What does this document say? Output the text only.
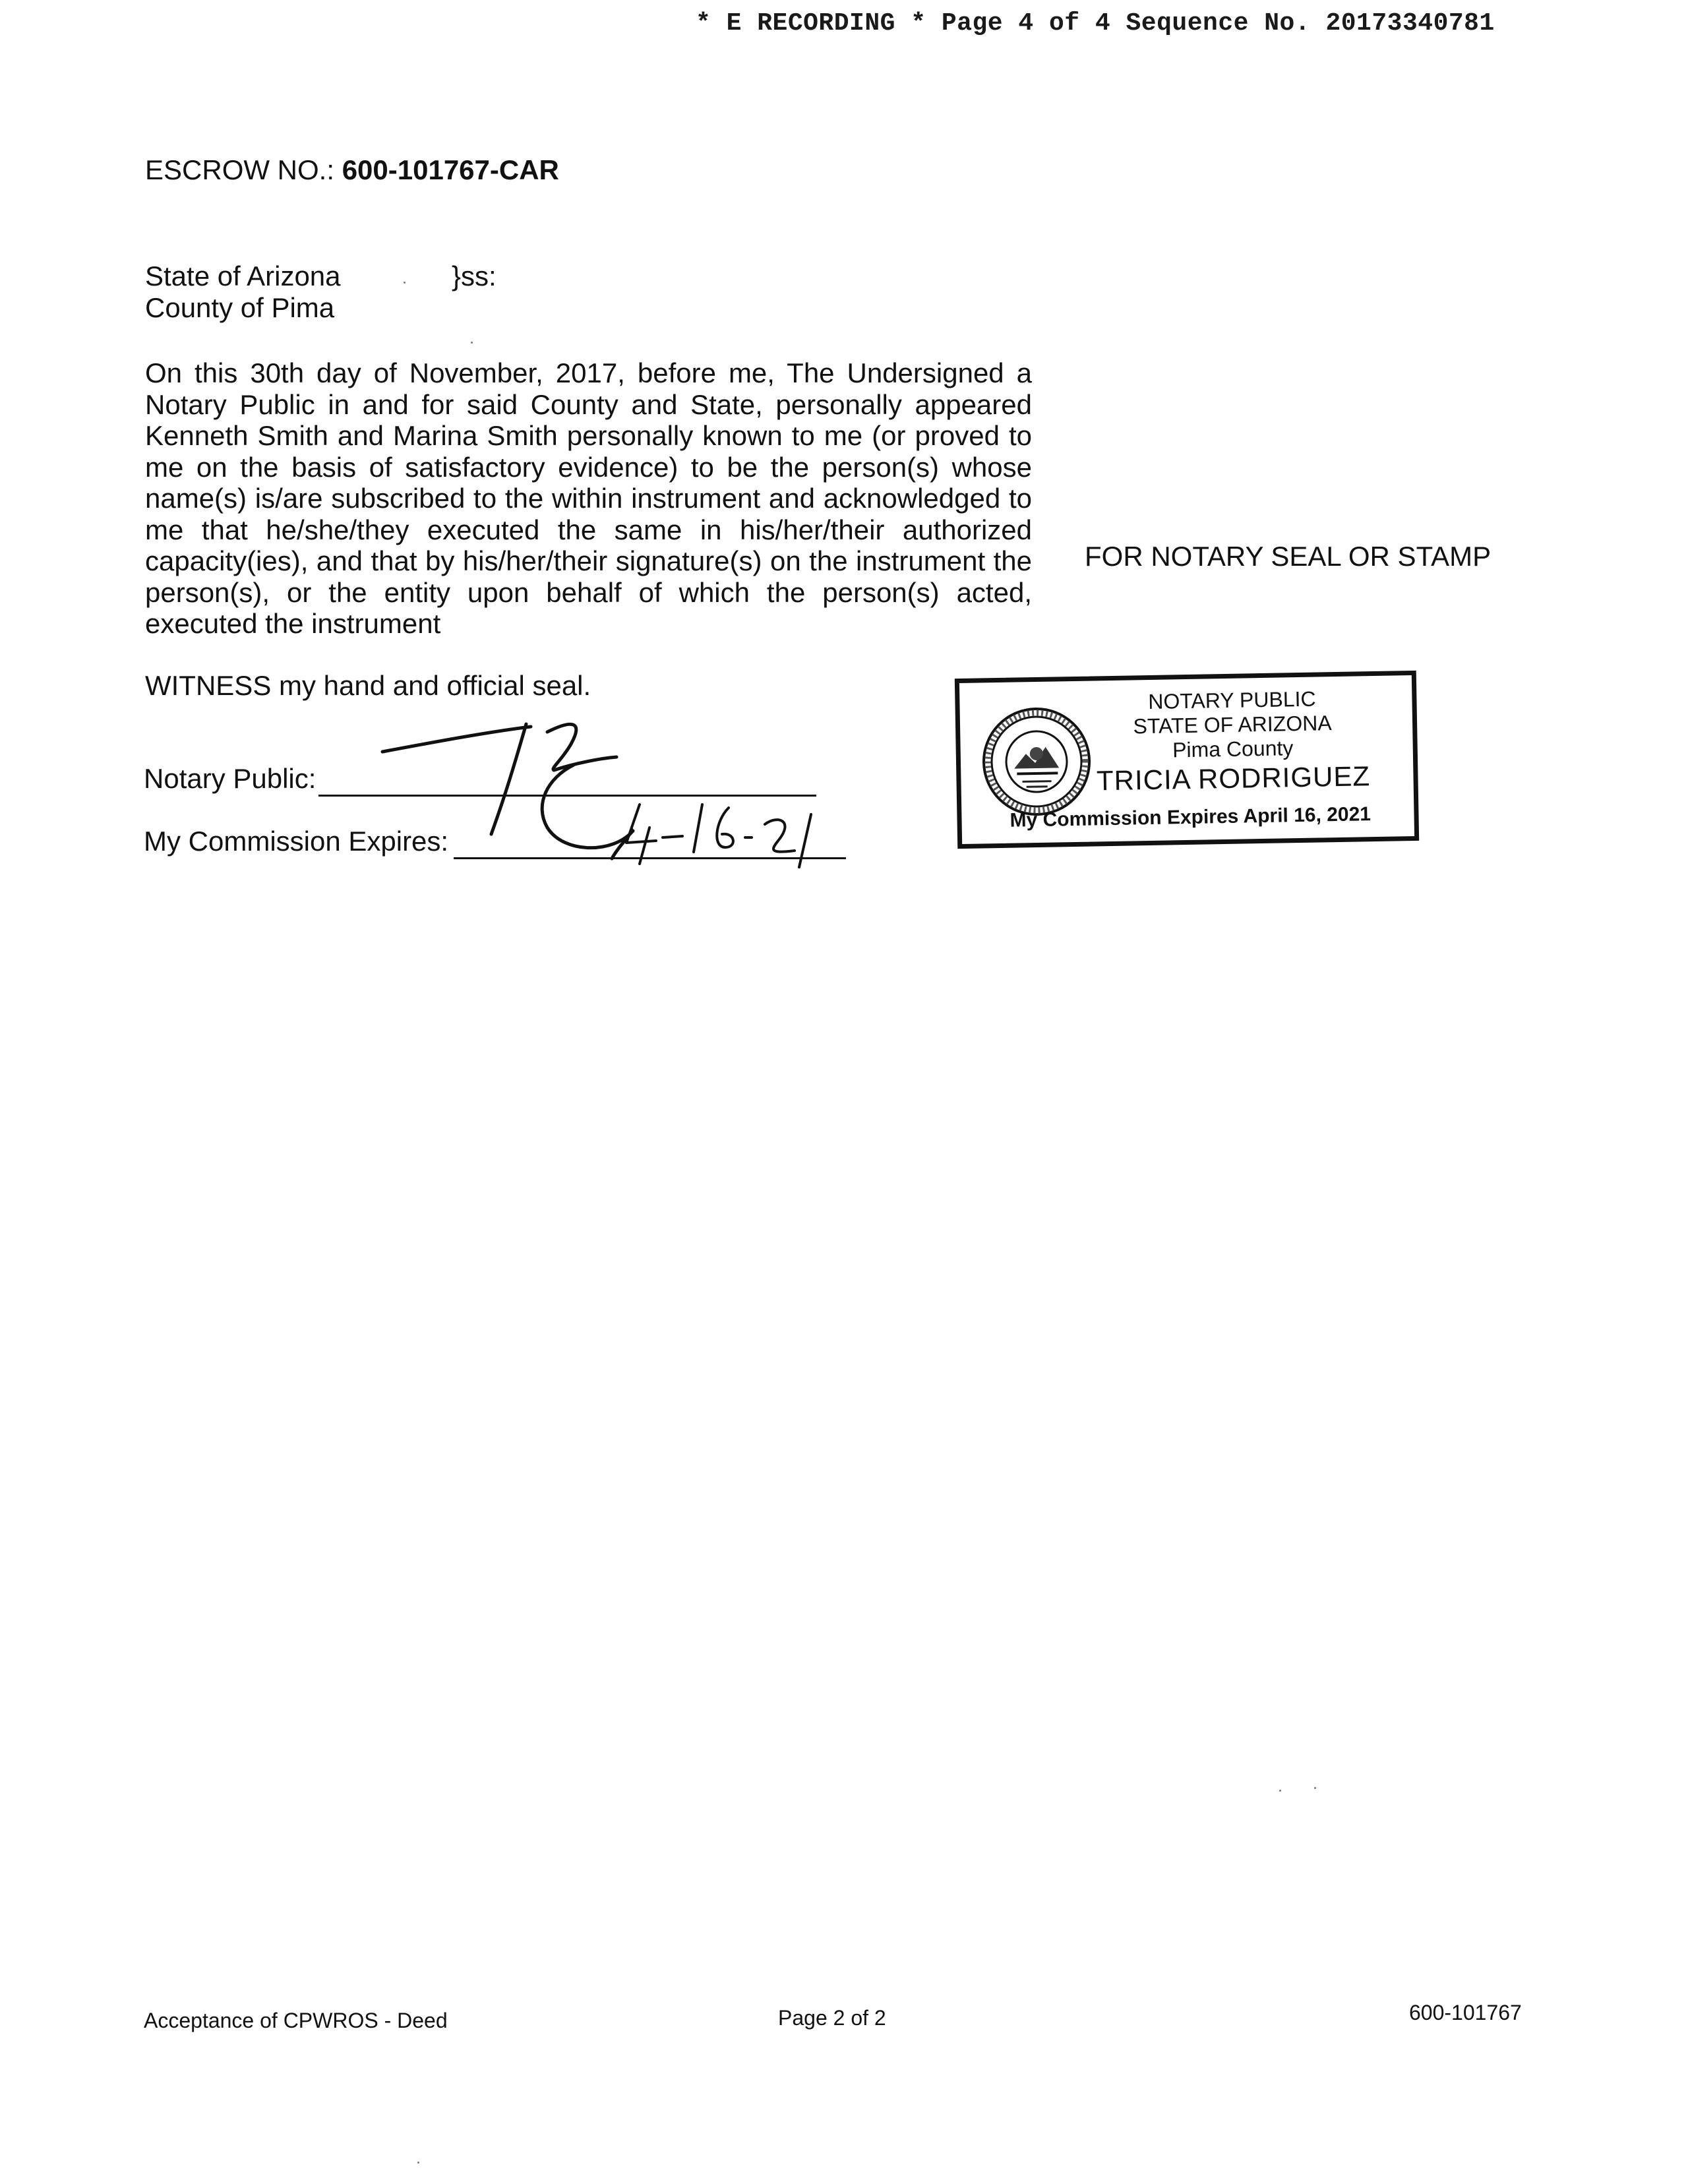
* E RECORDING * Page 4 of 4 Sequence No. 20173340781
ESCROW NO.: 600-101767-CAR
State of Arizona
County of Pima
}ss:
On this 30th day of November, 2017, before me, The Undersigned a Notary Public in and for said County and State, personally appeared Kenneth Smith and Marina Smith personally known to me (or proved to me on the basis of satisfactory evidence) to be the person(s) whose name(s) is/are subscribed to the within instrument and acknowledged to me that he/she/they executed the same in his/her/their authorized capacity(ies), and that by his/her/their signature(s) on the instrument the person(s), or the entity upon behalf of which the person(s) acted, executed the instrument
FOR NOTARY SEAL OR STAMP
WITNESS my hand and official seal.
Notary Public:
My Commission Expires:
NOTARY PUBLIC
STATE OF ARIZONA
Pima County
TRICIA RODRIGUEZ
My Commission Expires April 16, 2021
Acceptance of CPWROS - Deed	Page 2 of 2	600-101767
